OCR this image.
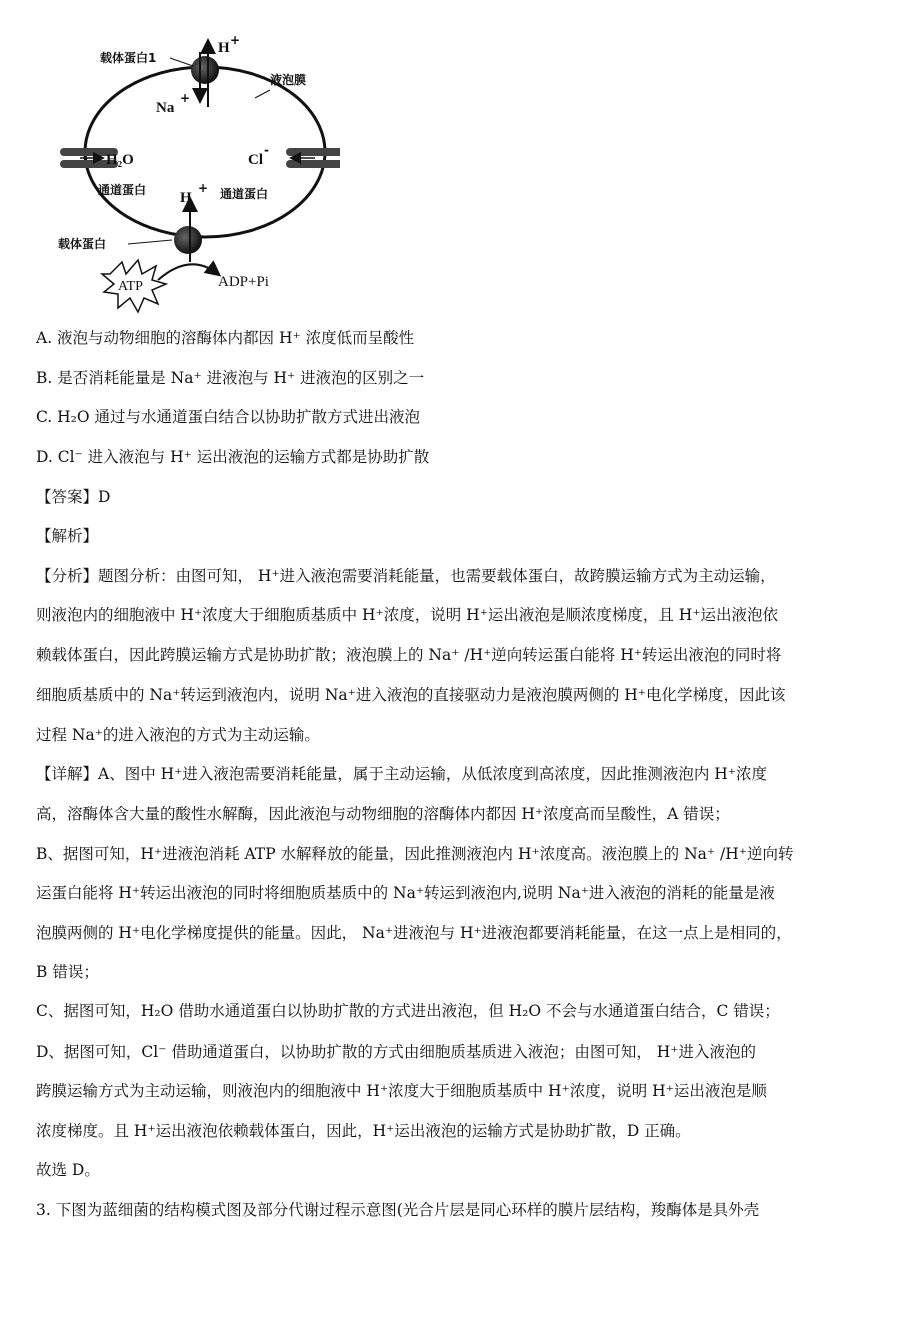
载体蛋白1
H +
Na
+
液泡膜
H₂O
通道蛋白
Cl
-
通道蛋白
H
+
载体蛋白
ATP	ADP+Pi
A. 液泡与动物细胞的溶酶体内都因 H⁺ 浓度低而呈酸性
B. 是否消耗能量是 Na⁺ 进液泡与 H⁺ 进液泡的区别之一
C. H₂O 通过与水通道蛋白结合以协助扩散方式进出液泡
D. Cl⁻ 进入液泡与 H⁺ 运出液泡的运输方式都是协助扩散
【答案】D
【解析】
【分析】题图分析：由图可知， H⁺进入液泡需要消耗能量，也需要载体蛋白，故跨膜运输方式为主动运输，
则液泡内的细胞液中 H⁺浓度大于细胞质基质中 H⁺浓度，说明 H⁺运出液泡是顺浓度梯度，且 H⁺运出液泡依
赖载体蛋白，因此跨膜运输方式是协助扩散；液泡膜上的 Na⁺ /H⁺逆向转运蛋白能将 H⁺转运出液泡的同时将
细胞质基质中的 Na⁺转运到液泡内，说明 Na⁺进入液泡的直接驱动力是液泡膜两侧的 H⁺电化学梯度，因此该
过程 Na⁺的进入液泡的方式为主动运输。
【详解】A、图中 H⁺进入液泡需要消耗能量，属于主动运输，从低浓度到高浓度，因此推测液泡内 H⁺浓度
高，溶酶体含大量的酸性水解酶，因此液泡与动物细胞的溶酶体内都因 H⁺浓度高而呈酸性，A 错误；
B、据图可知，H⁺进液泡消耗 ATP 水解释放的能量，因此推测液泡内 H⁺浓度高。液泡膜上的 Na⁺ /H⁺逆向转
运蛋白能将 H⁺转运出液泡的同时将细胞质基质中的 Na⁺转运到液泡内,说明 Na⁺进入液泡的消耗的能量是液
泡膜两侧的 H⁺电化学梯度提供的能量。因此， Na⁺进液泡与 H⁺进液泡都要消耗能量，在这一点上是相同的，
B 错误；
C、据图可知，H₂O 借助水通道蛋白以协助扩散的方式进出液泡，但 H₂O 不会与水通道蛋白结合，C 错误；
D、据图可知，Cl⁻ 借助通道蛋白，以协助扩散的方式由细胞质基质进入液泡；由图可知， H⁺进入液泡的
跨膜运输方式为主动运输，则液泡内的细胞液中 H⁺浓度大于细胞质基质中 H⁺浓度，说明 H⁺运出液泡是顺
浓度梯度。且 H⁺运出液泡依赖载体蛋白，因此，H⁺运出液泡的运输方式是协助扩散，D 正确。
故选 D。
3. 下图为蓝细菌的结构模式图及部分代谢过程示意图(光合片层是同心环样的膜片层结构，羧酶体是具外壳
